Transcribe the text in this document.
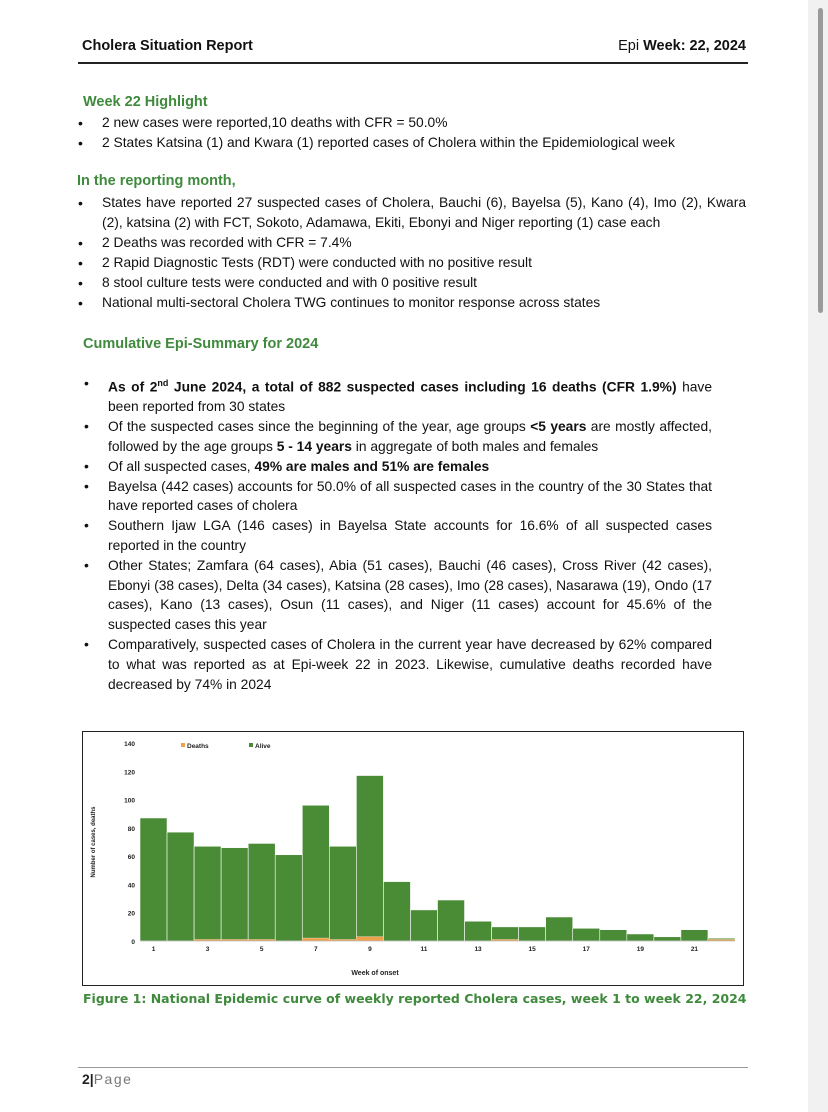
Cholera Situation Report	Epi Week: 22, 2024
Week 22 Highlight
• 2 new cases were reported,10 deaths with CFR = 50.0%
• 2 States Katsina (1) and Kwara (1) reported cases of Cholera within the Epidemiological week
In the reporting month,
• States have reported 27 suspected cases of Cholera, Bauchi (6), Bayelsa (5), Kano (4), Imo (2), Kwara (2), katsina (2) with FCT, Sokoto, Adamawa, Ekiti, Ebonyi and Niger reporting (1) case each
• 2 Deaths was recorded with CFR = 7.4%
• 2 Rapid Diagnostic Tests (RDT) were conducted with no positive result
• 8 stool culture tests were conducted and with 0 positive result
• National multi-sectoral Cholera TWG continues to monitor response across states
Cumulative Epi-Summary for 2024
• As of 2nd June 2024, a total of 882 suspected cases including 16 deaths (CFR 1.9%) have been reported from 30 states
• Of the suspected cases since the beginning of the year, age groups <5 years are mostly affected, followed by the age groups 5 - 14 years in aggregate of both males and females
• Of all suspected cases, 49% are males and 51% are females
• Bayelsa (442 cases) accounts for 50.0% of all suspected cases in the country of the 30 States that have reported cases of cholera
• Southern Ijaw LGA (146 cases) in Bayelsa State accounts for 16.6% of all suspected cases reported in the country
• Other States; Zamfara (64 cases), Abia (51 cases), Bauchi (46 cases), Cross River (42 cases), Ebonyi (38 cases), Delta (34 cases), Katsina (28 cases), Imo (28 cases), Nasarawa (19), Ondo (17 cases), Kano (13 cases), Osun (11 cases), and Niger (11 cases) account for 45.6% of the suspected cases this year
• Comparatively, suspected cases of Cholera in the current year have decreased by 62% compared to what was reported as at Epi-week 22 in 2023. Likewise, cumulative deaths recorded have decreased by 74% in 2024
0
20
40
60
80
100
120
140
Number of cases, deaths
1	3	5	7	9	11	13	15	17	19	21
Week of onset
Deaths	Alive
Figure 1: National Epidemic curve of weekly reported Cholera cases, week 1 to week 22, 2024
2|Page
